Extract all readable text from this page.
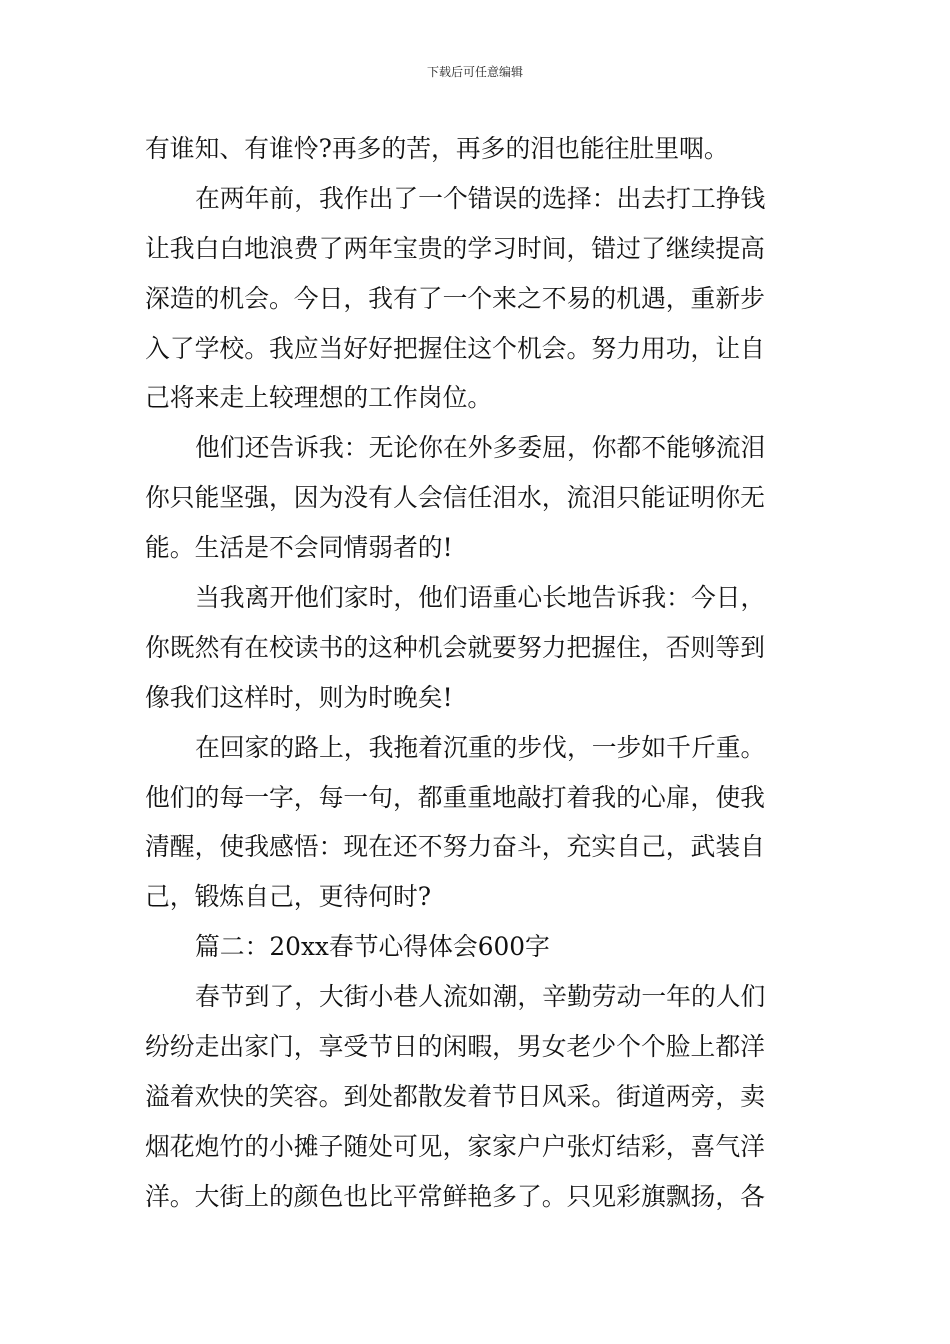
下载后可任意编辑

有谁知、有谁怜?再多的苦，再多的泪也能往肚里咽。

在两年前，我作出了一个错误的选择：出去打工挣钱
让我白白地浪费了两年宝贵的学习时间，错过了继续提高
深造的机会。今日，我有了一个来之不易的机遇，重新步
入了学校。我应当好好把握住这个机会。努力用功，让自
己将来走上较理想的工作岗位。

他们还告诉我：无论你在外多委屈，你都不能够流泪
你只能坚强，因为没有人会信任泪水，流泪只能证明你无
能。生活是不会同情弱者的!

当我离开他们家时，他们语重心长地告诉我：今日，
你既然有在校读书的这种机会就要努力把握住，否则等到
像我们这样时，则为时晚矣!

在回家的路上，我拖着沉重的步伐，一步如千斤重。
他们的每一字，每一句，都重重地敲打着我的心扉，使我
清醒，使我感悟：现在还不努力奋斗，充实自己，武装自
己，锻炼自己，更待何时?

篇二：20xx春节心得体会600字

春节到了，大街小巷人流如潮，辛勤劳动一年的人们
纷纷走出家门，享受节日的闲暇，男女老少个个脸上都洋
溢着欢快的笑容。到处都散发着节日风采。街道两旁，卖
烟花炮竹的小摊子随处可见，家家户户张灯结彩，喜气洋
洋。大街上的颜色也比平常鲜艳多了。只见彩旗飘扬，各
